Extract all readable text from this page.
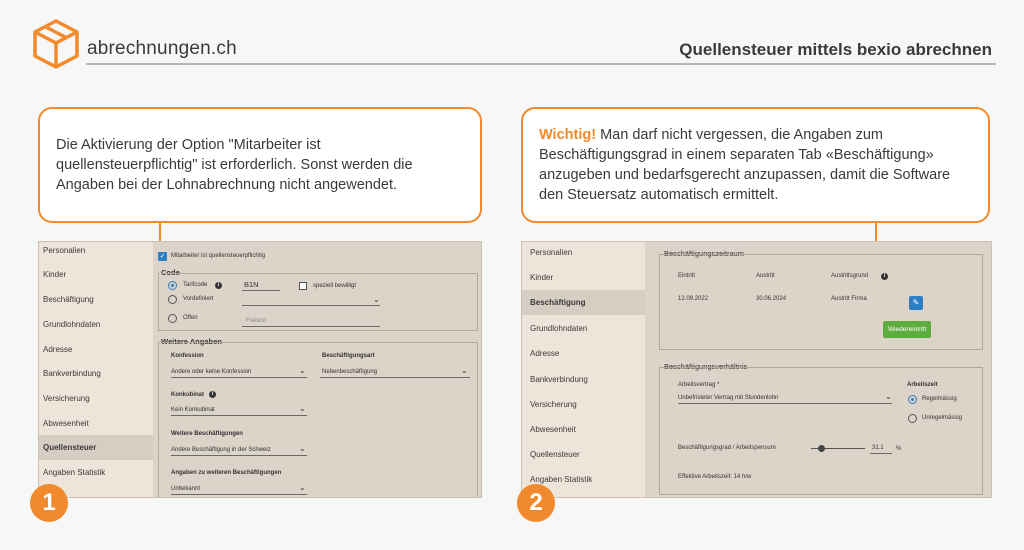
abrechnungen.ch	Quellensteuer mittels bexio abrechnen
Die Aktivierung der Option "Mitarbeiter ist quellensteuerpflichtig" ist erforderlich. Sonst werden die Angaben bei der Lohnabrechnung nicht angewendet.
Wichtig! Man darf nicht vergessen, die Angaben zum Beschäftigungsgrad in einem separaten Tab «Beschäftigung» anzugeben und bedarfsgerecht anzupassen, damit die Software den Steuersatz automatisch ermittelt.
Personalien
Kinder
Beschäftigung
Grundlohndaten
Adresse
Bankverbindung
Versicherung
Abwesenheit
Quellensteuer
Angaben Statistik
✓ Mitarbeiter ist quellensteuerpflichtig
Code
Tarifcode	i	B1N	speziell bewilligt
Vordefiniert	⌄
Offen	Freitext
Weitere Angaben
Konfession
Andere oder keine Konfession	⌄
Beschäftigungsart
Nebenbeschäftigung	⌄
Konkubinat	i
Kein Konkubinat	⌄
Weitere Beschäftigungen
Andere Beschäftigung in der Schweiz	⌄
Angaben zu weiteren Beschäftigungen
Unbekannt	⌄
Personalien
Kinder
Beschäftigung
Grundlohndaten
Adresse
Bankverbindung
Versicherung
Abwesenheit
Quellensteuer
Angaben Statistik
Beschäftigungszeitraum
Eintritt	Austritt	Austrittsgrund	i
12.09.2022	30.06.2024	Austritt Firma	✎
Wiedereintritt
Beschäftigungsverhältnis
Arbeitsvertrag *
Unbefristeter Vertrag mit Stundenlohn	⌄
Arbeitszeit
Regelmässig
Unregelmässig
Beschäftigungsgrad / Arbeitspensum	31.1 %
Effektive Arbeitszeit: 14 h/w
1	2
